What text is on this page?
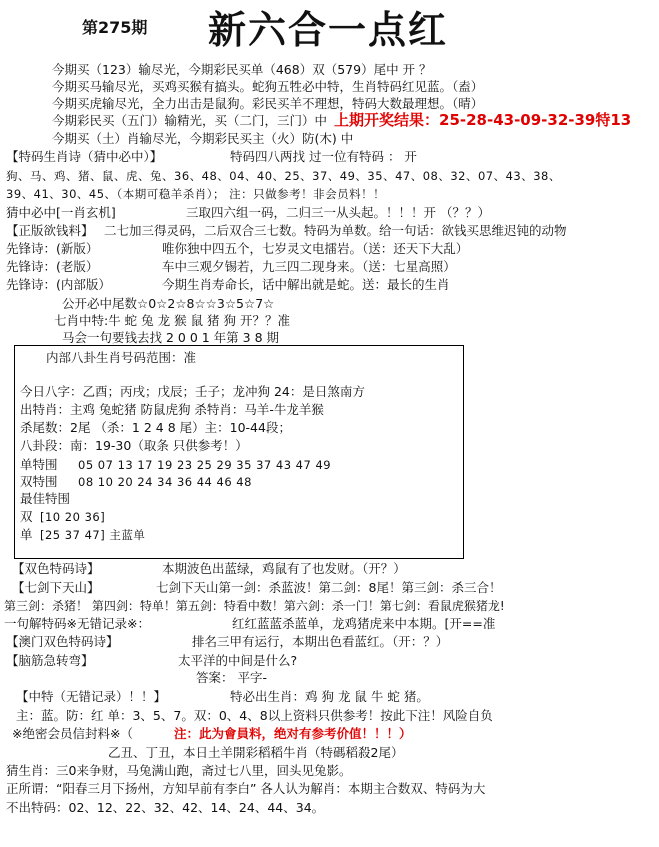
第275期 新六合一点红
今期买（123）输尽光，今期彩民买单（468）双（579）尾中 开 ？
今期买马输尽光，买鸡买猴有搞头。蛇狗五牲必中特，生肖特码红见蓝。（盍）
今期买虎输尽光，全力出击是鼠狗。彩民买羊不理想，特码大数最理想。（晴）
今期彩民买（五门）输精光，买（二门，三门）中 上期开奖结果：25-28-43-09-32-39特13
今期买（土）肖输尽光，今期彩民买主（火）防(木) 中
【特码生肖诗（猜中必中）】	特码四八两找 过一位有特码 ： 开
狗、马、鸡、猪、鼠、虎、兔、36、48、04、40、25、37、49、35、47、08、32、07、43、38、
39、41、30、45、（本期可稳羊杀肖）； 注：只做参考！非会员料！！
猜中必中[一肖玄机]	三取四六组一码，二归三一从头起。！！！开 （？？）
【正版欲钱料】 二七加三得灵码，二后双合三七数。特码为单数。给一句话：欲钱买思维迟钝的动物
先锋诗：(新版）	唯你独中四五个，七岁灵文电擂岩。（送：还天下大乱）
先锋诗：(老版）	车中三观夕锡若，九三四二现身来。（送：七星高照）
先锋诗：(内部版）	今期生肖寿命长，话中解出就是蛇。送：最长的生肖
公开必中尾数☆0☆2☆8☆☆3☆5☆7☆
七肖中特:牛 蛇 兔 龙 猴 鼠 猪 狗 开？？准
马会一句要钱去找 2 0 0 1 年第 3 8 期
内部八卦生肖号码范围：准
今日八字：乙酉；丙戌；戊辰；壬子；龙冲狗 24：是日煞南方
出特肖：主鸡 兔蛇猪 防鼠虎狗 杀特肖：马羊-牛龙羊猴
杀尾数：2尾 （杀：1 2 4 8 尾）主：10-44段；
八卦段：南：19-30（取条 只供参考！）
单特围 05 07 13 17 19 23 25 29 35 37 43 47 49
双特围 08 10 20 24 34 36 44 46 48
最佳特围
双 [10 20 36]
单 [25 37 47] 主蓝单
【双色特码诗】	本期波色出蓝绿，鸡鼠有了也发财。（开？）
【七剑下天山】	七剑下天山第一剑：杀蓝波！第二剑：8尾！第三剑：杀三合！
第三剑：杀猪！ 第四剑：特单！第五剑：特看中数！第六剑：杀一门！第七剑：看鼠虎猴猪龙!
一句解特码※无错记录※：	红红蓝蓝杀蓝单，龙鸡猪虎来中本期。[开==准
【澳门双色特码诗】	排名三甲有运行，本期出色看蓝红。（开：？）
【脑筋急转弯】	太平洋的中间是什么?
答案： 平字-
【中特（无错记录）！！】	特必出生肖：鸡 狗 龙 鼠 牛 蛇 猪。
主：蓝。防：红 单：3、5、7。双：0、4、8以上资料只供参考！按此下注！风险自负
※绝密会员信封料※（	注：此为會員料，绝对有参考价值！！！）
乙丑、丁丑，本日土羊開彩稻稻牛肖（特碼稻殺2尾）
猜生肖：三0来争财，马兔满山跑，斋过七八里，回头见兔影。
正所谓：“阳春三月下扬州，方知早前有李白” 各人认为解肖：本期主合数双、特码为大
不出特码：02、12、22、32、42、14、24、44、34。
